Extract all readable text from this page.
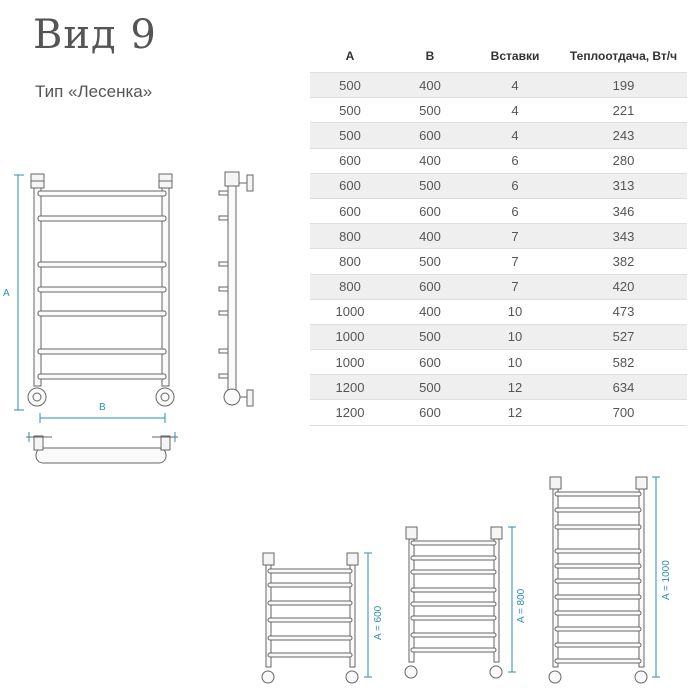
Вид 9
Тип «Лесенка»
A	B	Вставки	Теплоотдача, Вт/ч
500	400	4	199
500	500	4	221
500	600	4	243
600	400	6	280
600	500	6	313
600	600	6	346
800	400	7	343
800	500	7	382
800	600	7	420
1000	400	10	473
1000	500	10	527
1000	600	10	582
1200	500	12	634
1200	600	12	700
A
B
A = 600	A = 800
A = 1000
